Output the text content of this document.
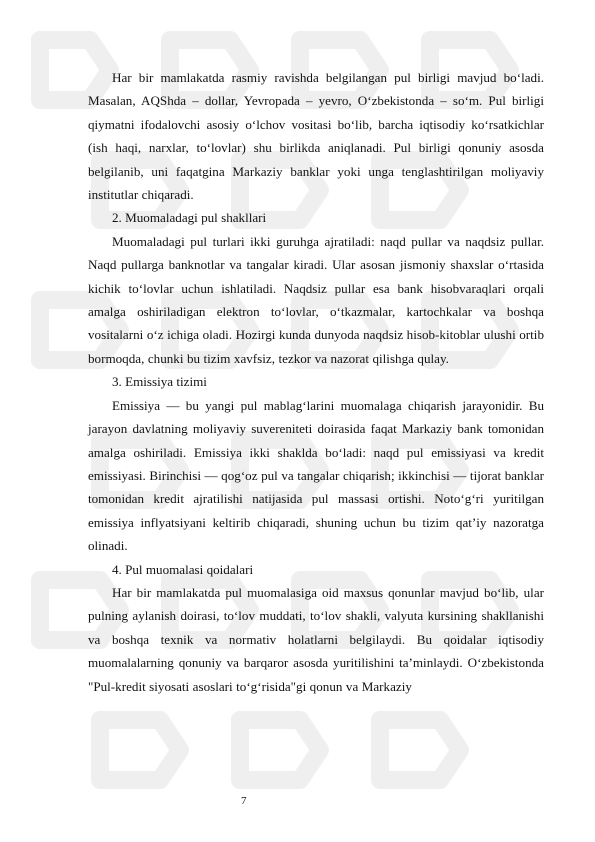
Har bir mamlakatda rasmiy ravishda belgilangan pul birligi mavjud bo‘ladi. Masalan, AQShda – dollar, Yevropada – yevro, O‘zbekistonda – so‘m. Pul birligi qiymatni ifodalovchi asosiy o‘lchov vositasi bo‘lib, barcha iqtisodiy ko‘rsatkichlar (ish haqi, narxlar, to‘lovlar) shu birlikda aniqlanadi. Pul birligi qonuniy asosda belgilanib, uni faqatgina Markaziy banklar yoki unga tenglashtirilgan moliyaviy institutlar chiqaradi.

2. Muomaladagi pul shakllari

Muomaladagi pul turlari ikki guruhga ajratiladi: naqd pullar va naqdsiz pullar. Naqd pullarga banknotlar va tangalar kiradi. Ular asosan jismoniy shaxslar o‘rtasida kichik to‘lovlar uchun ishlatiladi. Naqdsiz pullar esa bank hisobvaraqlari orqali amalga oshiriladigan elektron to‘lovlar, o‘tkazmalar, kartochkalar va boshqa vositalarni o‘z ichiga oladi. Hozirgi kunda dunyoda naqdsiz hisob-kitoblar ulushi ortib bormoqda, chunki bu tizim xavfsiz, tezkor va nazorat qilishga qulay.

3. Emissiya tizimi

Emissiya — bu yangi pul mablag‘larini muomalaga chiqarish jarayonidir. Bu jarayon davlatning moliyaviy suvereniteti doirasida faqat Markaziy bank tomonidan amalga oshiriladi. Emissiya ikki shaklda bo‘ladi: naqd pul emissiyasi va kredit emissiyasi. Birinchisi — qog‘oz pul va tangalar chiqarish; ikkinchisi — tijorat banklar tomonidan kredit ajratilishi natijasida pul massasi ortishi. Noto‘g‘ri yuritilgan emissiya inflyatsiyani keltirib chiqaradi, shuning uchun bu tizim qat’iy nazoratga olinadi.

4. Pul muomalasi qoidalari

Har bir mamlakatda pul muomalasiga oid maxsus qonunlar mavjud bo‘lib, ular pulning aylanish doirasi, to‘lov muddati, to‘lov shakli, valyuta kursining shakllanishi va boshqa texnik va normativ holatlarni belgilaydi. Bu qoidalar iqtisodiy muomalalarning qonuniy va barqaror asosda yuritilishini ta’minlaydi. O‘zbekistonda "Pul-kredit siyosati asoslari to‘g‘risida"gi qonun va Markaziy

7
